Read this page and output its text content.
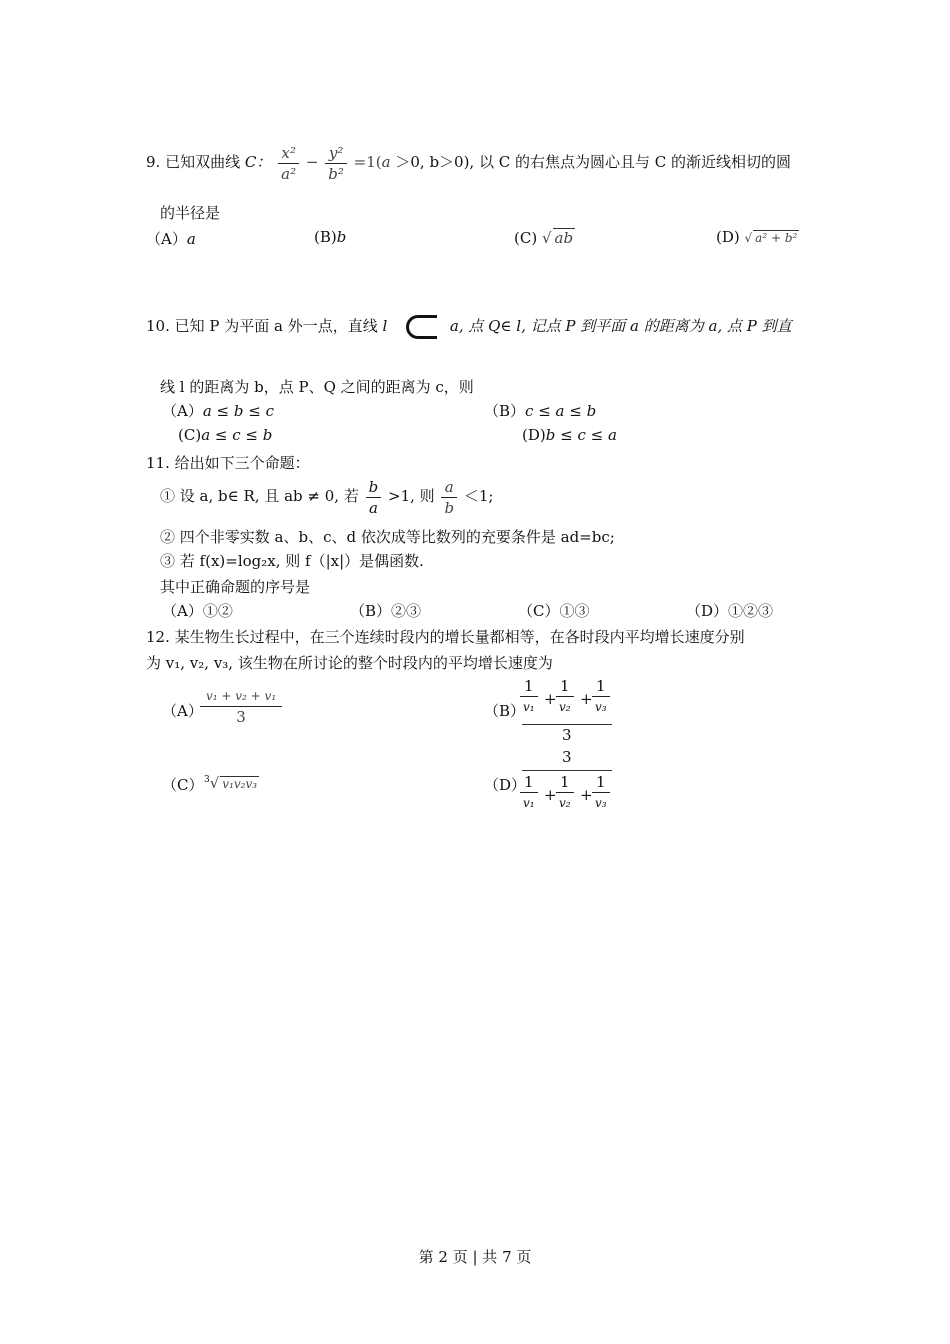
9. 已知双曲线 C： $\frac{\text{x²}}{\text{a²}} - \frac{\text{y²}}{\text{b²}} =1(a >0$, b＞0), 以 C 的右焦点为圆心且与 C 的渐近线相切的圆
的半径是
（A）a	(B)b	(C) √ ab	(D) √ a² + b²
10. 已知 P 为平面 a 外一点，直线 l	a, 点 Q∈ l, 记点 P 到平面 a 的距离为 a, 点 P 到直
线 l 的距离为 b，点 P、Q 之间的距离为 c，则
（A）a ≤ b ≤ c	（B）c ≤ a ≤ b
(C)a ≤ c ≤ b	(D)b ≤ c ≤ a
11. 给出如下三个命题：
① 设 a, b∈ R, 且 ab ≠ 0, 若 $\frac{b}{a} >1$, 则 $\frac{a}{b} <1$;
② 四个非零实数 a、b、c、d 依次成等比数列的充要条件是 ad=bc;
③ 若 f(x)=log₂x, 则 f（|x|）是偶函数.
其中正确命题的序号是
（A）①②	（B）②③	（C）①③	（D）①②③
12. 某生物生长过程中，在三个连续时段内的增长量都相等，在各时段内平均增长速度分别
为 v₁, v₂, v₃, 该生物在所讨论的整个时段内的平均增长速度为
（A）
v₁ + v₂ + v₁
3	（B）
1
v₁ +
1
v₂ +
1
v₃
3
（C） $^3$√ v₁v₂v₃	（D）
3
1
v₁ +
1
v₂ +
1
v₃
第 2 页 | 共 7 页
